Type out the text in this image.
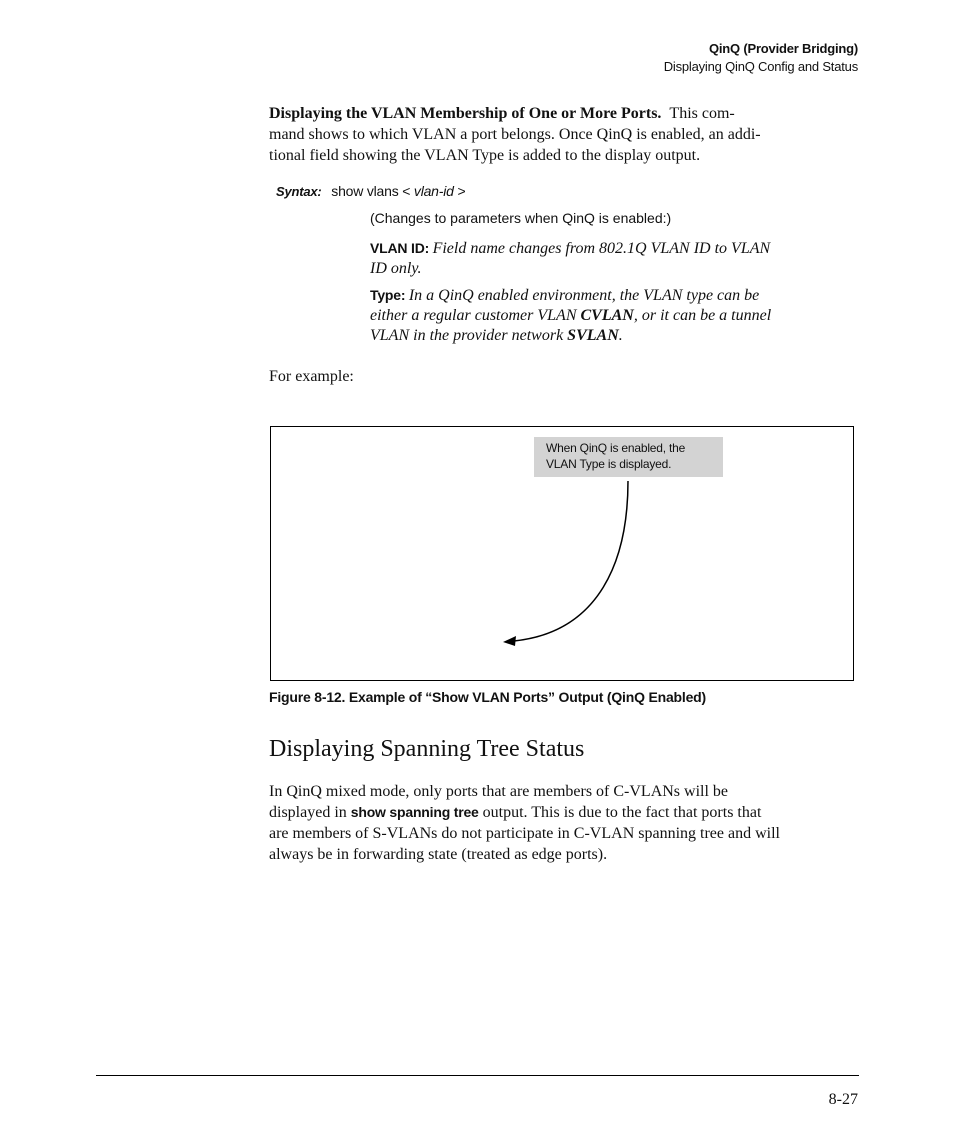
QinQ (Provider Bridging)
Displaying QinQ Config and Status
Displaying the VLAN Membership of One or More Ports. This com-
mand shows to which VLAN a port belongs. Once QinQ is enabled, an addi-
tional field showing the VLAN Type is added to the display output.
Syntax: show vlans < vlan-id >
(Changes to parameters when QinQ is enabled:)
VLAN ID: Field name changes from 802.1Q VLAN ID to VLAN
ID only.
Type: In a QinQ enabled environment, the VLAN type can be
either a regular customer VLAN CVLAN, or it can be a tunnel
VLAN in the provider network SVLAN.
For example:
When QinQ is enabled, the
VLAN Type is displayed.
Figure 8-12. Example of “Show VLAN Ports” Output (QinQ Enabled)
Displaying Spanning Tree Status
In QinQ mixed mode, only ports that are members of C-VLANs will be
displayed in show spanning tree output. This is due to the fact that ports that
are members of S-VLANs do not participate in C-VLAN spanning tree and will
always be in forwarding state (treated as edge ports).
8-27
